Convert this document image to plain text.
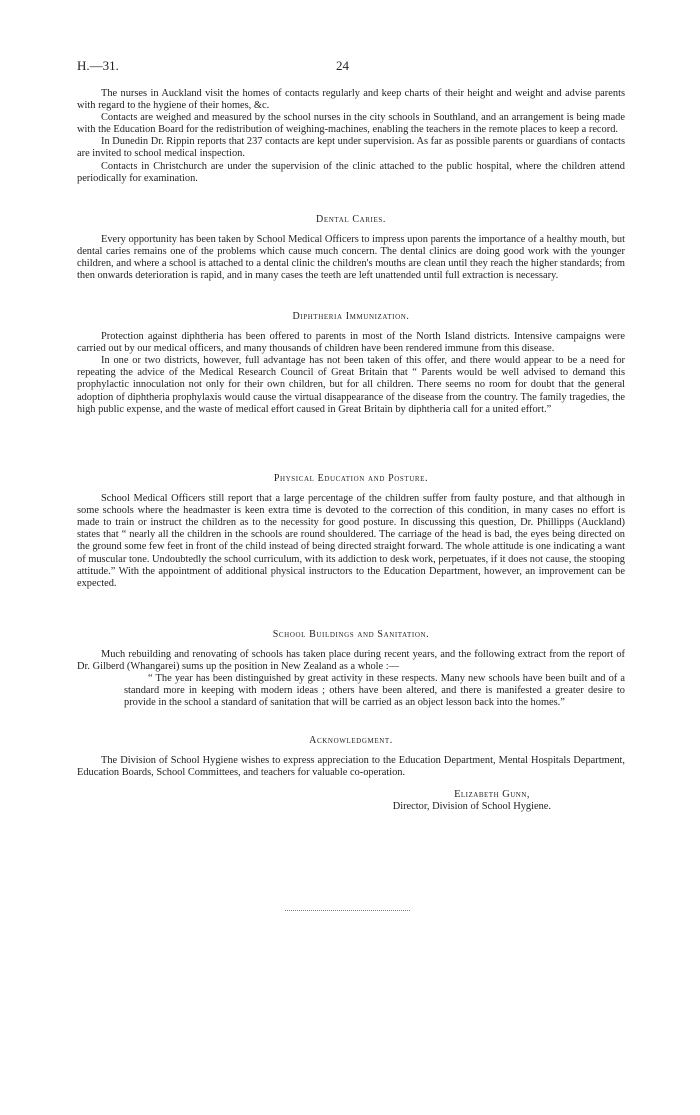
H.—31.	24

The nurses in Auckland visit the homes of contacts regularly and keep charts of their height and weight and advise parents with regard to the hygiene of their homes, &c.

Contacts are weighed and measured by the school nurses in the city schools in Southland, and an arrangement is being made with the Education Board for the redistribution of weighing-machines, enabling the teachers in the remote places to keep a record.

In Dunedin Dr. Rippin reports that 237 contacts are kept under supervision. As far as possible parents or guardians of contacts are invited to school medical inspection.

Contacts in Christchurch are under the supervision of the clinic attached to the public hospital, where the children attend periodically for examination.

Dental Caries.

Every opportunity has been taken by School Medical Officers to impress upon parents the importance of a healthy mouth, but dental caries remains one of the problems which cause much concern. The dental clinics are doing good work with the younger children, and where a school is attached to a dental clinic the children's mouths are clean until they reach the higher standards; from then onwards deterioration is rapid, and in many cases the teeth are left unattended until full extraction is necessary.

Diphtheria Immunization.

Protection against diphtheria has been offered to parents in most of the North Island districts. Intensive campaigns were carried out by our medical officers, and many thousands of children have been rendered immune from this disease.

In one or two districts, however, full advantage has not been taken of this offer, and there would appear to be a need for repeating the advice of the Medical Research Council of Great Britain that “ Parents would be well advised to demand this prophylactic innoculation not only for their own children, but for all children. There seems no room for doubt that the general adoption of diphtheria prophylaxis would cause the virtual disappearance of the disease from the country. The family tragedies, the high public expense, and the waste of medical effort caused in Great Britain by diphtheria call for a united effort.”

Physical Education and Posture.

School Medical Officers still report that a large percentage of the children suffer from faulty posture, and that although in some schools where the headmaster is keen extra time is devoted to the correction of this condition, in many cases no effort is made to train or instruct the children as to the necessity for good posture. In discussing this question, Dr. Phillipps (Auckland) states that “ nearly all the children in the schools are round shouldered. The carriage of the head is bad, the eyes being directed on the ground some few feet in front of the child instead of being directed straight forward. The whole attitude is one indicating a want of muscular tone. Undoubtedly the school curriculum, with its addiction to desk work, perpetuates, if it does not cause, the stooping attitude.” With the appointment of additional physical instructors to the Education Department, however, an improvement can be expected.

School Buildings and Sanitation.

Much rebuilding and renovating of schools has taken place during recent years, and the following extract from the report of Dr. Gilberd (Whangarei) sums up the position in New Zealand as a whole :—

“ The year has been distinguished by great activity in these respects. Many new schools have been built and of a standard more in keeping with modern ideas ; others have been altered, and there is manifested a greater desire to provide in the school a standard of sanitation that will be carried as an object lesson back into the homes.”

Acknowledgment.

The Division of School Hygiene wishes to express appreciation to the Education Department, Mental Hospitals Department, Education Boards, School Committees, and teachers for valuable co-operation.

Elizabeth Gunn,
Director, Division of School Hygiene.
